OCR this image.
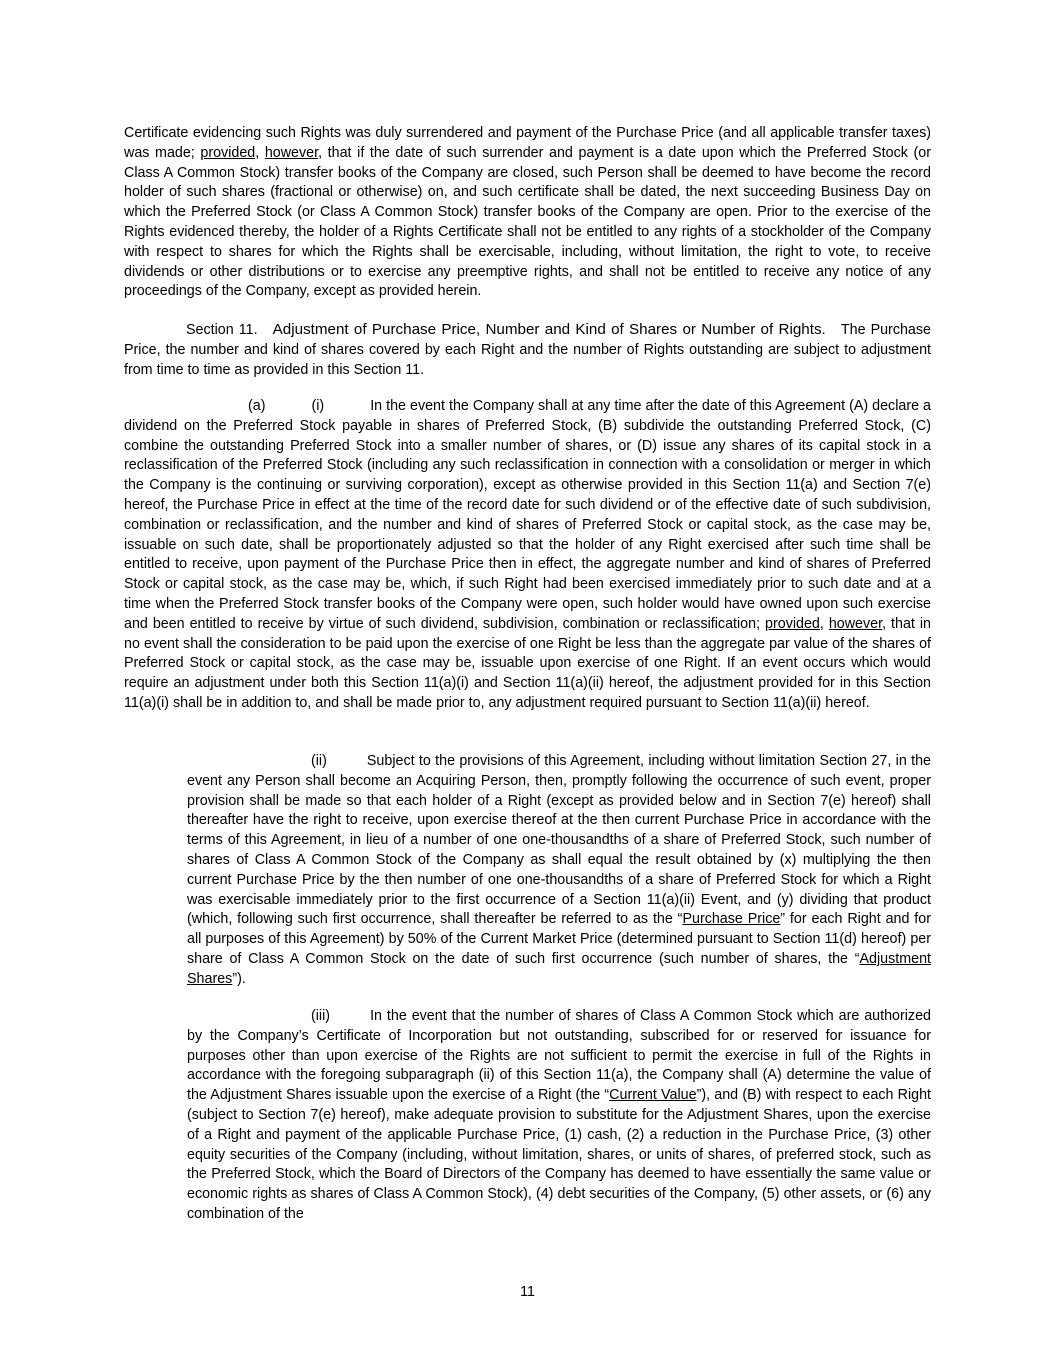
Certificate evidencing such Rights was duly surrendered and payment of the Purchase Price (and all applicable transfer taxes) was made; provided, however, that if the date of such surrender and payment is a date upon which the Preferred Stock (or Class A Common Stock) transfer books of the Company are closed, such Person shall be deemed to have become the record holder of such shares (fractional or otherwise) on, and such certificate shall be dated, the next succeeding Business Day on which the Preferred Stock (or Class A Common Stock) transfer books of the Company are open. Prior to the exercise of the Rights evidenced thereby, the holder of a Rights Certificate shall not be entitled to any rights of a stockholder of the Company with respect to shares for which the Rights shall be exercisable, including, without limitation, the right to vote, to receive dividends or other distributions or to exercise any preemptive rights, and shall not be entitled to receive any notice of any proceedings of the Company, except as provided herein.

Section 11. Adjustment of Purchase Price, Number and Kind of Shares or Number of Rights. The Purchase Price, the number and kind of shares covered by each Right and the number of Rights outstanding are subject to adjustment from time to time as provided in this Section 11.

(a)	(i)	In the event the Company shall at any time after the date of this Agreement (A) declare a dividend on the Preferred Stock payable in shares of Preferred Stock, (B) subdivide the outstanding Preferred Stock, (C) combine the outstanding Preferred Stock into a smaller number of shares, or (D) issue any shares of its capital stock in a reclassification of the Preferred Stock (including any such reclassification in connection with a consolidation or merger in which the Company is the continuing or surviving corporation), except as otherwise provided in this Section 11(a) and Section 7(e) hereof, the Purchase Price in effect at the time of the record date for such dividend or of the effective date of such subdivision, combination or reclassification, and the number and kind of shares of Preferred Stock or capital stock, as the case may be, issuable on such date, shall be proportionately adjusted so that the holder of any Right exercised after such time shall be entitled to receive, upon payment of the Purchase Price then in effect, the aggregate number and kind of shares of Preferred Stock or capital stock, as the case may be, which, if such Right had been exercised immediately prior to such date and at a time when the Preferred Stock transfer books of the Company were open, such holder would have owned upon such exercise and been entitled to receive by virtue of such dividend, subdivision, combination or reclassification; provided, however, that in no event shall the consideration to be paid upon the exercise of one Right be less than the aggregate par value of the shares of Preferred Stock or capital stock, as the case may be, issuable upon exercise of one Right. If an event occurs which would require an adjustment under both this Section 11(a)(i) and Section 11(a)(ii) hereof, the adjustment provided for in this Section 11(a)(i) shall be in addition to, and shall be made prior to, any adjustment required pursuant to Section 11(a)(ii) hereof.

(ii)	Subject to the provisions of this Agreement, including without limitation Section 27, in the event any Person shall become an Acquiring Person, then, promptly following the occurrence of such event, proper provision shall be made so that each holder of a Right (except as provided below and in Section 7(e) hereof) shall thereafter have the right to receive, upon exercise thereof at the then current Purchase Price in accordance with the terms of this Agreement, in lieu of a number of one one-thousandths of a share of Preferred Stock, such number of shares of Class A Common Stock of the Company as shall equal the result obtained by (x) multiplying the then current Purchase Price by the then number of one one-thousandths of a share of Preferred Stock for which a Right was exercisable immediately prior to the first occurrence of a Section 11(a)(ii) Event, and (y) dividing that product (which, following such first occurrence, shall thereafter be referred to as the “Purchase Price” for each Right and for all purposes of this Agreement) by 50% of the Current Market Price (determined pursuant to Section 11(d) hereof) per share of Class A Common Stock on the date of such first occurrence (such number of shares, the “Adjustment Shares”).

(iii)	In the event that the number of shares of Class A Common Stock which are authorized by the Company’s Certificate of Incorporation but not outstanding, subscribed for or reserved for issuance for purposes other than upon exercise of the Rights are not sufficient to permit the exercise in full of the Rights in accordance with the foregoing subparagraph (ii) of this Section 11(a), the Company shall (A) determine the value of the Adjustment Shares issuable upon the exercise of a Right (the “Current Value”), and (B) with respect to each Right (subject to Section 7(e) hereof), make adequate provision to substitute for the Adjustment Shares, upon the exercise of a Right and payment of the applicable Purchase Price, (1) cash, (2) a reduction in the Purchase Price, (3) other equity securities of the Company (including, without limitation, shares, or units of shares, of preferred stock, such as the Preferred Stock, which the Board of Directors of the Company has deemed to have essentially the same value or economic rights as shares of Class A Common Stock), (4) debt securities of the Company, (5) other assets, or (6) any combination of the

11
